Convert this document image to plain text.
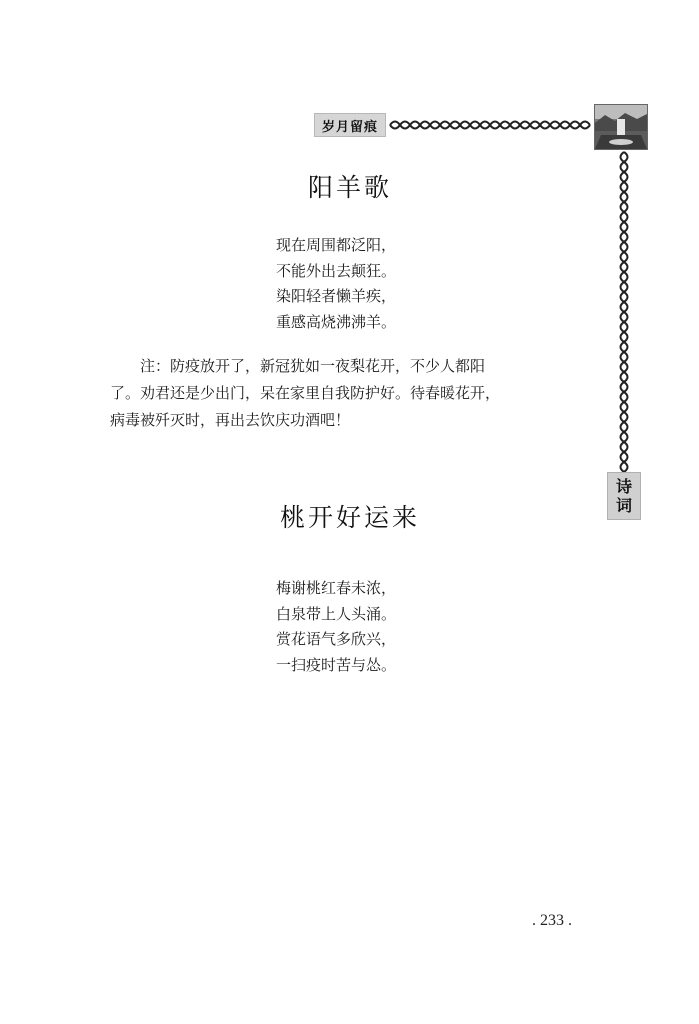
岁月留痕
诗
词
阳羊歌
现在周围都泛阳，
不能外出去颠狂。
染阳轻者懒羊疾，
重感高烧沸沸羊。
注：防疫放开了，新冠犹如一夜梨花开，不少人都阳
了。劝君还是少出门，呆在家里自我防护好。待春暖花开，
病毒被歼灭时，再出去饮庆功酒吧！
桃开好运来
梅谢桃红春未浓，
白泉带上人头涌。
赏花语气多欣兴，
一扫疫时苦与怂。
. 233 .
